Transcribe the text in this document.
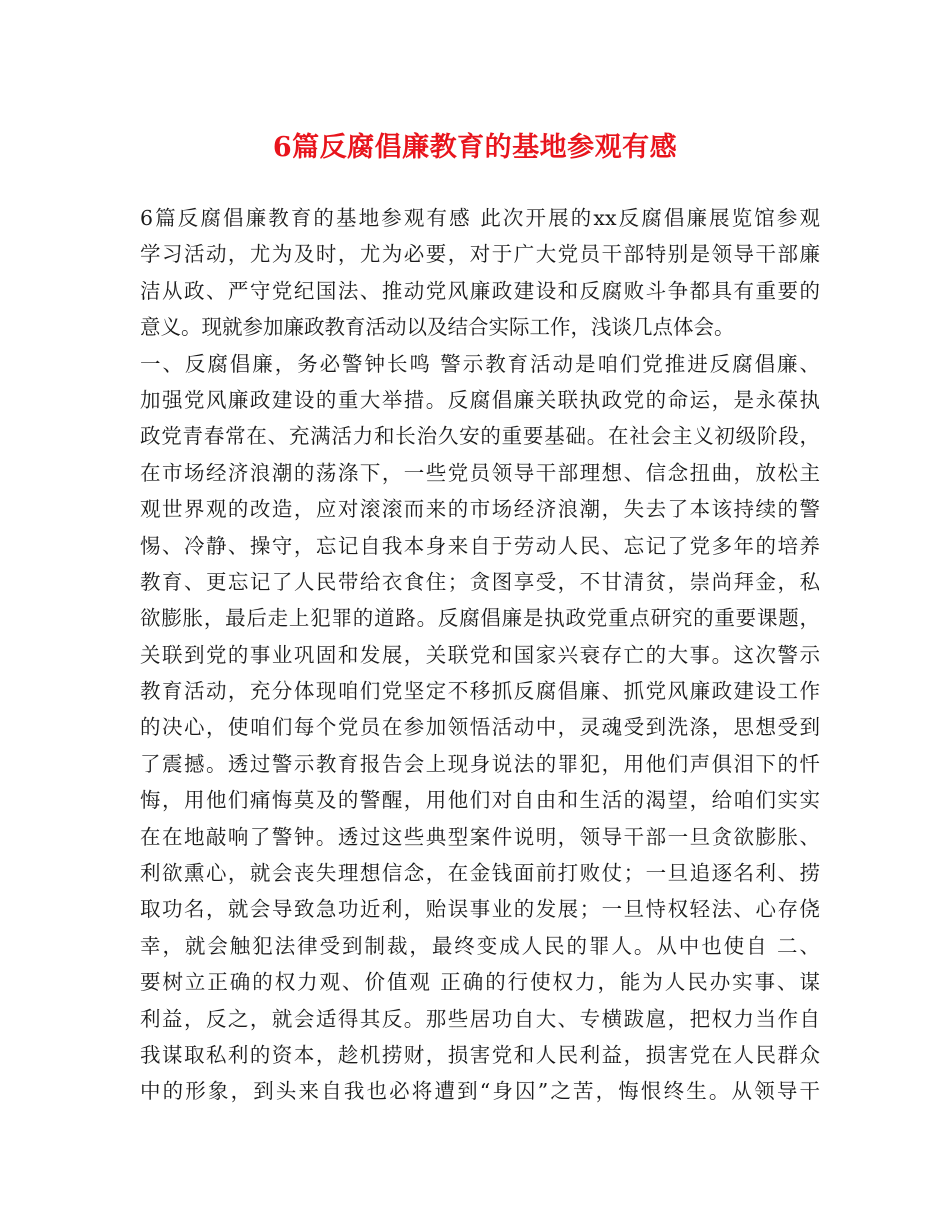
6篇反腐倡廉教育的基地参观有感
6篇反腐倡廉教育的基地参观有感 此次开展的xx反腐倡廉展览馆参观
学习活动，尤为及时，尤为必要，对于广大党员干部特别是领导干部廉
洁从政、严守党纪国法、推动党风廉政建设和反腐败斗争都具有重要的
意义。现就参加廉政教育活动以及结合实际工作，浅谈几点体会。
一、反腐倡廉，务必警钟长鸣 警示教育活动是咱们党推进反腐倡廉、
加强党风廉政建设的重大举措。反腐倡廉关联执政党的命运，是永葆执
政党青春常在、充满活力和长治久安的重要基础。在社会主义初级阶段，
在市场经济浪潮的荡涤下，一些党员领导干部理想、信念扭曲，放松主
观世界观的改造，应对滚滚而来的市场经济浪潮，失去了本该持续的警
惕、冷静、操守，忘记自我本身来自于劳动人民、忘记了党多年的培养
教育、更忘记了人民带给衣食住；贪图享受，不甘清贫，崇尚拜金，私
欲膨胀，最后走上犯罪的道路。反腐倡廉是执政党重点研究的重要课题，
关联到党的事业巩固和发展，关联党和国家兴衰存亡的大事。这次警示
教育活动，充分体现咱们党坚定不移抓反腐倡廉、抓党风廉政建设工作
的决心，使咱们每个党员在参加领悟活动中，灵魂受到洗涤，思想受到
了震撼。透过警示教育报告会上现身说法的罪犯，用他们声俱泪下的忏
悔，用他们痛悔莫及的警醒，用他们对自由和生活的渴望，给咱们实实
在在地敲响了警钟。透过这些典型案件说明，领导干部一旦贪欲膨胀、
利欲熏心，就会丧失理想信念，在金钱面前打败仗；一旦追逐名利、捞
取功名，就会导致急功近利，贻误事业的发展；一旦恃权轻法、心存侥
幸，就会触犯法律受到制裁，最终变成人民的罪人。从中也使自 二、
要树立正确的权力观、价值观 正确的行使权力，能为人民办实事、谋
利益，反之，就会适得其反。那些居功自大、专横跋扈，把权力当作自
我谋取私利的资本，趁机捞财，损害党和人民利益，损害党在人民群众
中的形象，到头来自我也必将遭到“身囚”之苦，悔恨终生。从领导干
